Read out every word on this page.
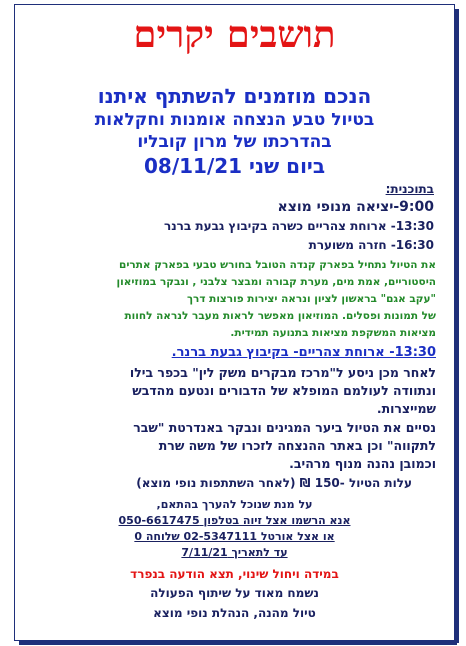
תושבים יקרים
הנכם מוזמנים להשתתף איתנו
בטיול טבע הנצחה אומנות וחקלאות
בהדרכתו של מרון קובליו
ביום שני 08/11/21
בתוכנית:
9:00-יציאה מנופי מוצא
13:30- ארוחת צהריים כשרה בקיבוץ גבעת ברנר
16:30- חזרה משוערת
את הטיול נתחיל בפארק קנדה הטובל בחורש טבעי בפארק אתרים
היסטוריים, אמת מים, מערת קבורה ומבצר צלבני , ונבקר במוזיאון
"עקב אגם" בראשון לציון ונראה יצירות פורצות דרך
של תמונות ופסלים. המוזיאון מאפשר לראות מעבר לנראה לחוות
מציאות המשקפת מציאות בתנועה תמידית.
13:30- ארוחת צהריים- בקיבוץ גבעת ברנר.
לאחר מכן ניסע ל"מרכז מבקרים משק לין" בכפר בילו
ונתוודה לעולמם המופלא של הדבורים ונטעם מהדבש
שמייצרות.
נסיים את הטיול ביער המגינים ונבקר באנדרטת "שבר
לתקווה" וכן באתר ההנצחה לזכרו של משה שרת
וכמובן נהנה מנוף מרהיב.
עלות הטיול -150 ₪ (לאחר השתתפות נופי מוצא)
על מנת שנוכל להערך בהתאם,
אנא הרשמו אצל זיוה בטלפון 050-6617475
או אצל אורטל 02-5347111 שלוחה 0
עד לתאריך 7/11/21
במידה ויחול שינוי, תצא הודעה בנפרד
נשמח מאוד על שיתוף הפעולה
טיול מהנה, הנהלת נופי מוצא
